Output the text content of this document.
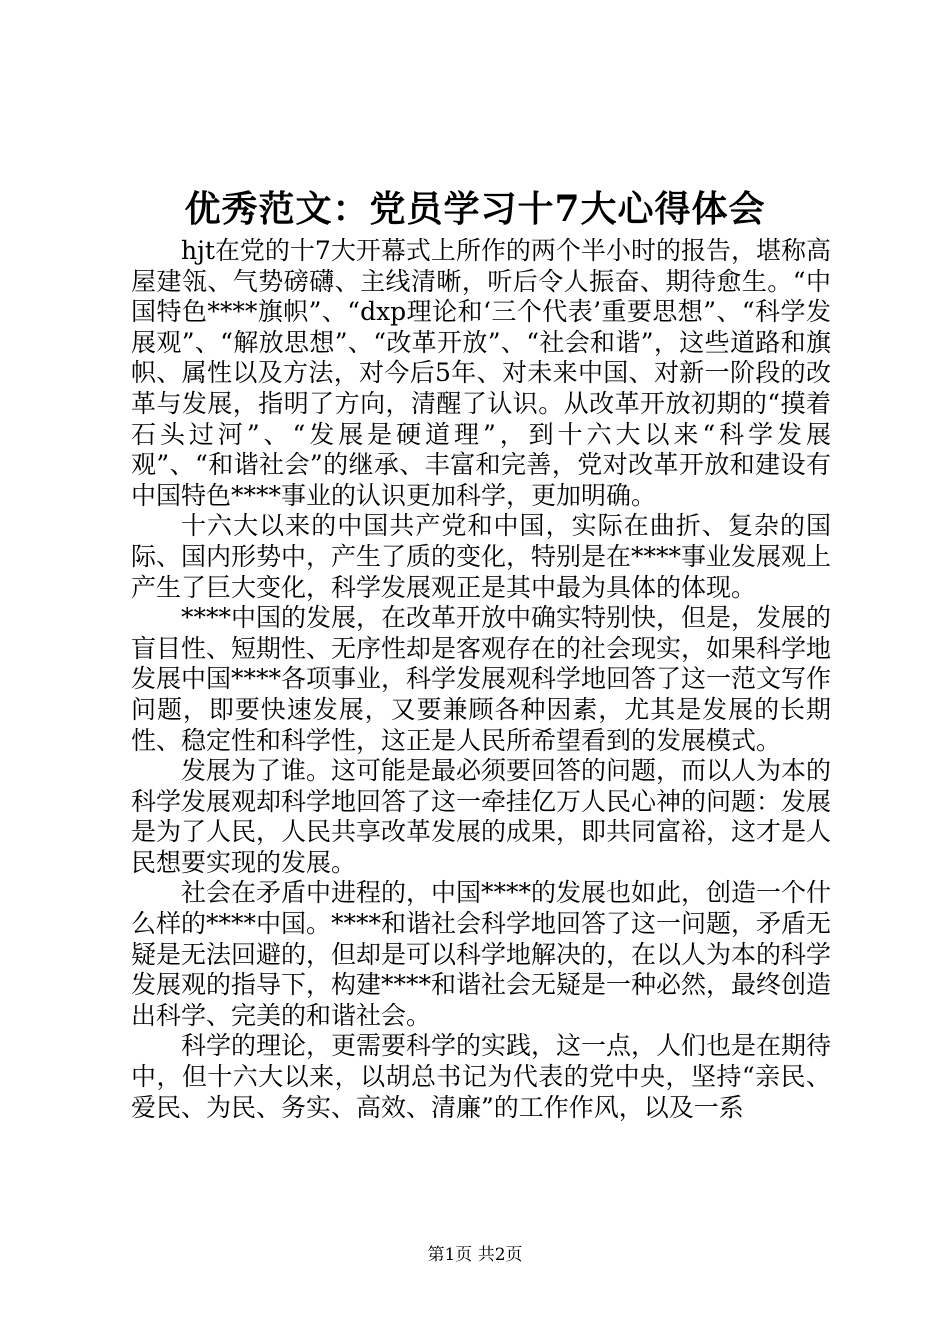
优秀范文：党员学习十7大心得体会

hjt在党的十7大开幕式上所作的两个半小时的报告，堪称高屋建瓴、气势磅礴、主线清晰，听后令人振奋、期待愈生。“中国特色****旗帜”、“dxp理论和‘三个代表’重要思想”、“科学发展观”、“解放思想”、“改革开放”、“社会和谐”，这些道路和旗帜、属性以及方法，对今后5年、对未来中国、对新一阶段的改革与发展，指明了方向，清醒了认识。从改革开放初期的“摸着石头过河”、“发展是硬道理”，到十六大以来“科学发展观”、“和谐社会”的继承、丰富和完善，党对改革开放和建设有中国特色****事业的认识更加科学，更加明确。

十六大以来的中国共产党和中国，实际在曲折、复杂的国际、国内形势中，产生了质的变化，特别是在****事业发展观上产生了巨大变化，科学发展观正是其中最为具体的体现。

****中国的发展，在改革开放中确实特别快，但是，发展的盲目性、短期性、无序性却是客观存在的社会现实，如果科学地发展中国****各项事业，科学发展观科学地回答了这一范文写作问题，即要快速发展，又要兼顾各种因素，尤其是发展的长期性、稳定性和科学性，这正是人民所希望看到的发展模式。

发展为了谁。这可能是最必须要回答的问题，而以人为本的科学发展观却科学地回答了这一牵挂亿万人民心神的问题：发展是为了人民，人民共享改革发展的成果，即共同富裕，这才是人民想要实现的发展。

社会在矛盾中进程的，中国****的发展也如此，创造一个什么样的****中国。****和谐社会科学地回答了这一问题，矛盾无疑是无法回避的，但却是可以科学地解决的，在以人为本的科学发展观的指导下，构建****和谐社会无疑是一种必然，最终创造出科学、完美的和谐社会。

科学的理论，更需要科学的实践，这一点，人们也是在期待中，但十六大以来，以胡总书记为代表的党中央，坚持“亲民、爱民、为民、务实、高效、清廉”的工作作风，以及一系

第1页 共2页
